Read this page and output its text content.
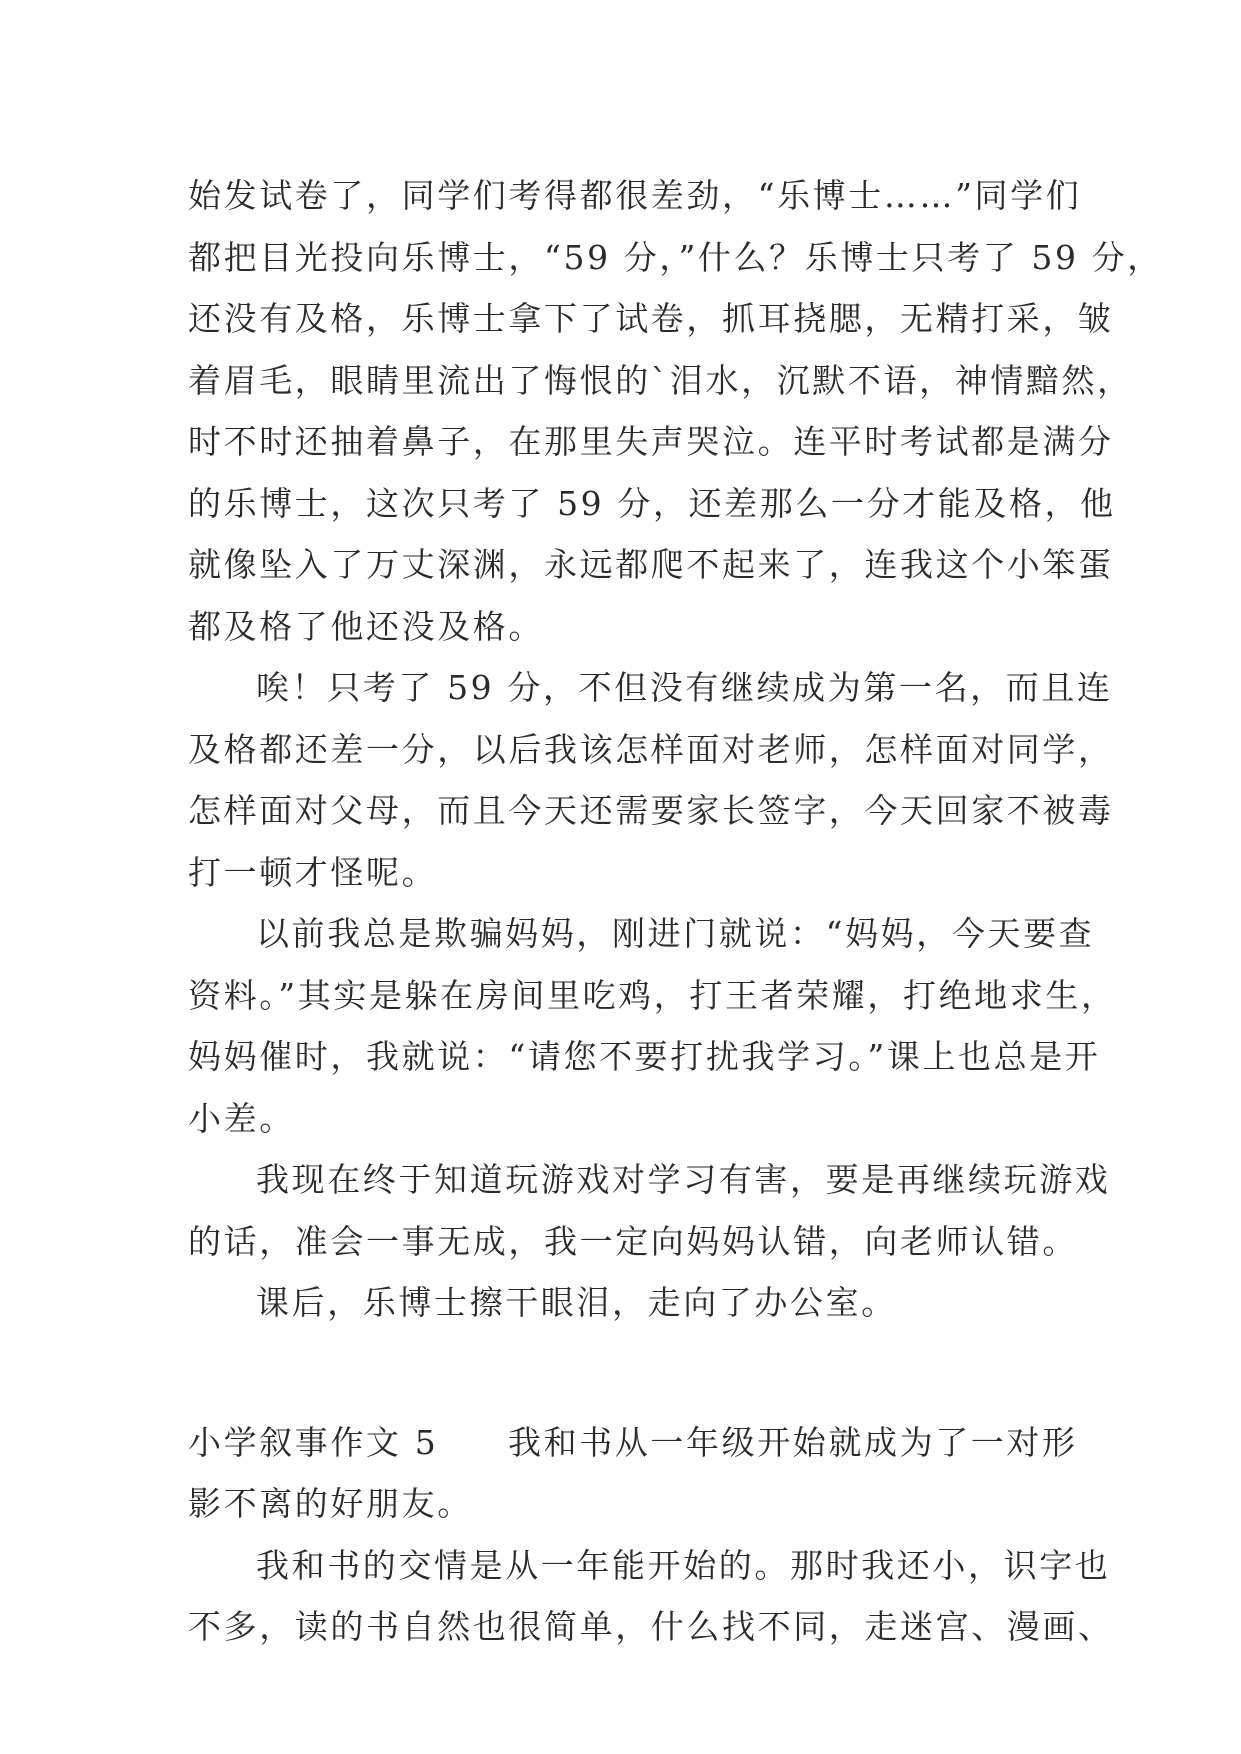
始发试卷了，同学们考得都很差劲，“乐博士……”同学们
都把目光投向乐博士，“59 分，”什么？乐博士只考了 59 分，
还没有及格，乐博士拿下了试卷，抓耳挠腮，无精打采，皱
着眉毛，眼睛里流出了悔恨的`泪水，沉默不语，神情黯然，
时不时还抽着鼻子，在那里失声哭泣。连平时考试都是满分
的乐博士，这次只考了 59 分，还差那么一分才能及格，他
就像坠入了万丈深渊，永远都爬不起来了，连我这个小笨蛋
都及格了他还没及格。
唉！只考了 59 分，不但没有继续成为第一名，而且连
及格都还差一分，以后我该怎样面对老师，怎样面对同学，
怎样面对父母，而且今天还需要家长签字，今天回家不被毒
打一顿才怪呢。
以前我总是欺骗妈妈，刚进门就说：“妈妈，今天要查
资料。”其实是躲在房间里吃鸡，打王者荣耀，打绝地求生，
妈妈催时，我就说：“请您不要打扰我学习。”课上也总是开
小差。
我现在终于知道玩游戏对学习有害，要是再继续玩游戏
的话，准会一事无成，我一定向妈妈认错，向老师认错。
课后，乐博士擦干眼泪，走向了办公室。
小学叙事作文 5 我和书从一年级开始就成为了一对形
影不离的好朋友。
我和书的交情是从一年能开始的。那时我还小，识字也
不多，读的书自然也很简单，什么找不同，走迷宫、漫画、
